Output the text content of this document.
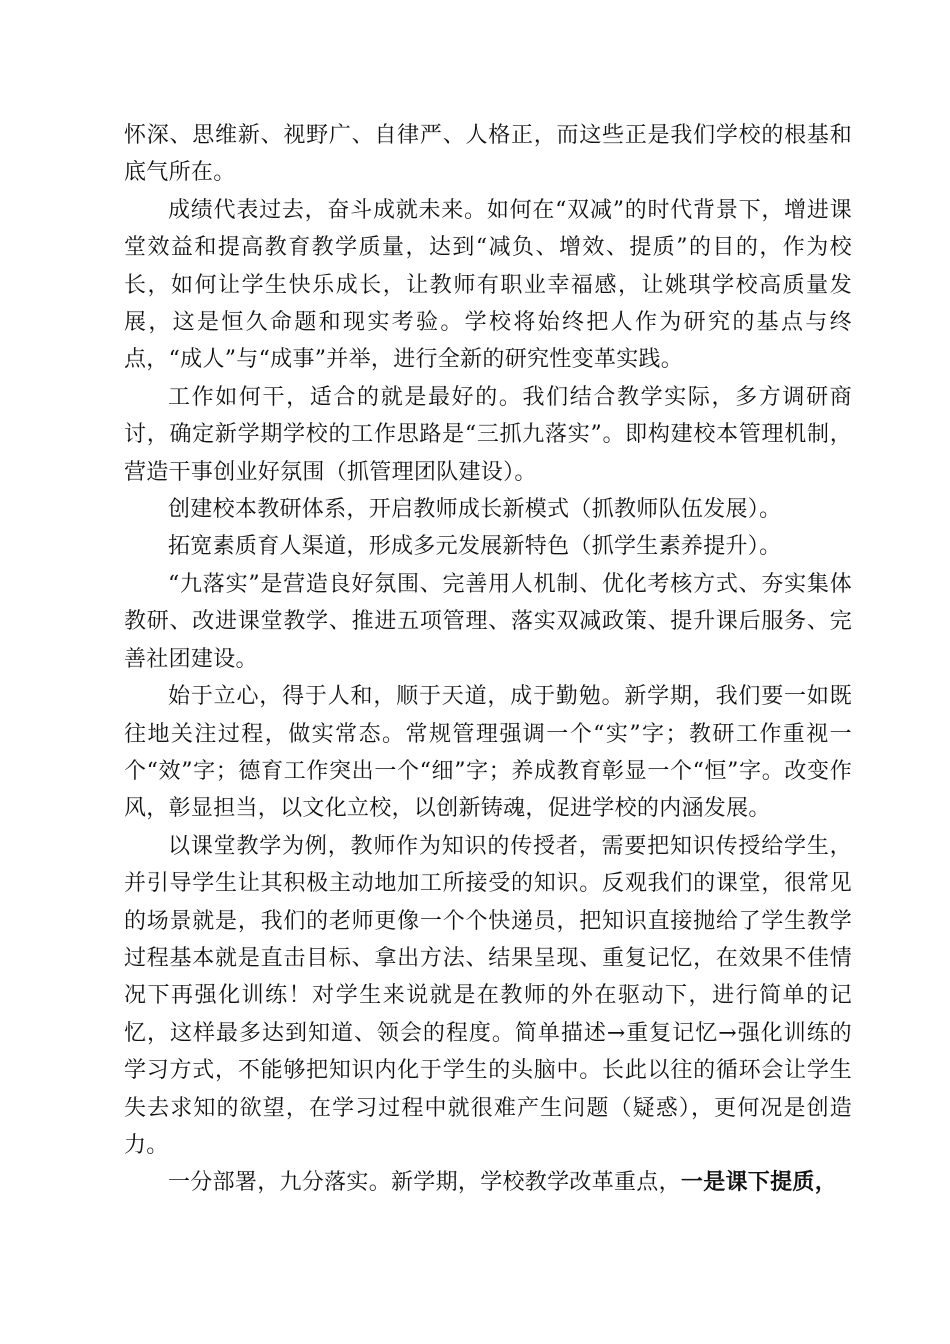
怀深、思维新、视野广、自律严、人格正，而这些正是我们学校的根基和底气所在。

成绩代表过去，奋斗成就未来。如何在“双减”的时代背景下，增进课堂效益和提高教育教学质量，达到“减负、增效、提质”的目的，作为校长，如何让学生快乐成长，让教师有职业幸福感，让姚琪学校高质量发展，这是恒久命题和现实考验。学校将始终把人作为研究的基点与终点，“成人”与“成事”并举，进行全新的研究性变革实践。

工作如何干，适合的就是最好的。我们结合教学实际，多方调研商讨，确定新学期学校的工作思路是“三抓九落实”。即构建校本管理机制，营造干事创业好氛围（抓管理团队建设）。

创建校本教研体系，开启教师成长新模式（抓教师队伍发展）。

拓宽素质育人渠道，形成多元发展新特色（抓学生素养提升）。

“九落实”是营造良好氛围、完善用人机制、优化考核方式、夯实集体教研、改进课堂教学、推进五项管理、落实双减政策、提升课后服务、完善社团建设。

始于立心，得于人和，顺于天道，成于勤勉。新学期，我们要一如既往地关注过程，做实常态。常规管理强调一个“实”字；教研工作重视一个“效”字；德育工作突出一个“细”字；养成教育彰显一个“恒”字。改变作风，彰显担当，以文化立校，以创新铸魂，促进学校的内涵发展。

以课堂教学为例，教师作为知识的传授者，需要把知识传授给学生，并引导学生让其积极主动地加工所接受的知识。反观我们的课堂，很常见的场景就是，我们的老师更像一个个快递员，把知识直接抛给了学生教学过程基本就是直击目标、拿出方法、结果呈现、重复记忆，在效果不佳情况下再强化训练！对学生来说就是在教师的外在驱动下，进行简单的记忆，这样最多达到知道、领会的程度。简单描述→重复记忆→强化训练的学习方式，不能够把知识内化于学生的头脑中。长此以往的循环会让学生失去求知的欲望，在学习过程中就很难产生问题（疑惑），更何况是创造力。

一分部署，九分落实。新学期，学校教学改革重点，一是课下提质，
